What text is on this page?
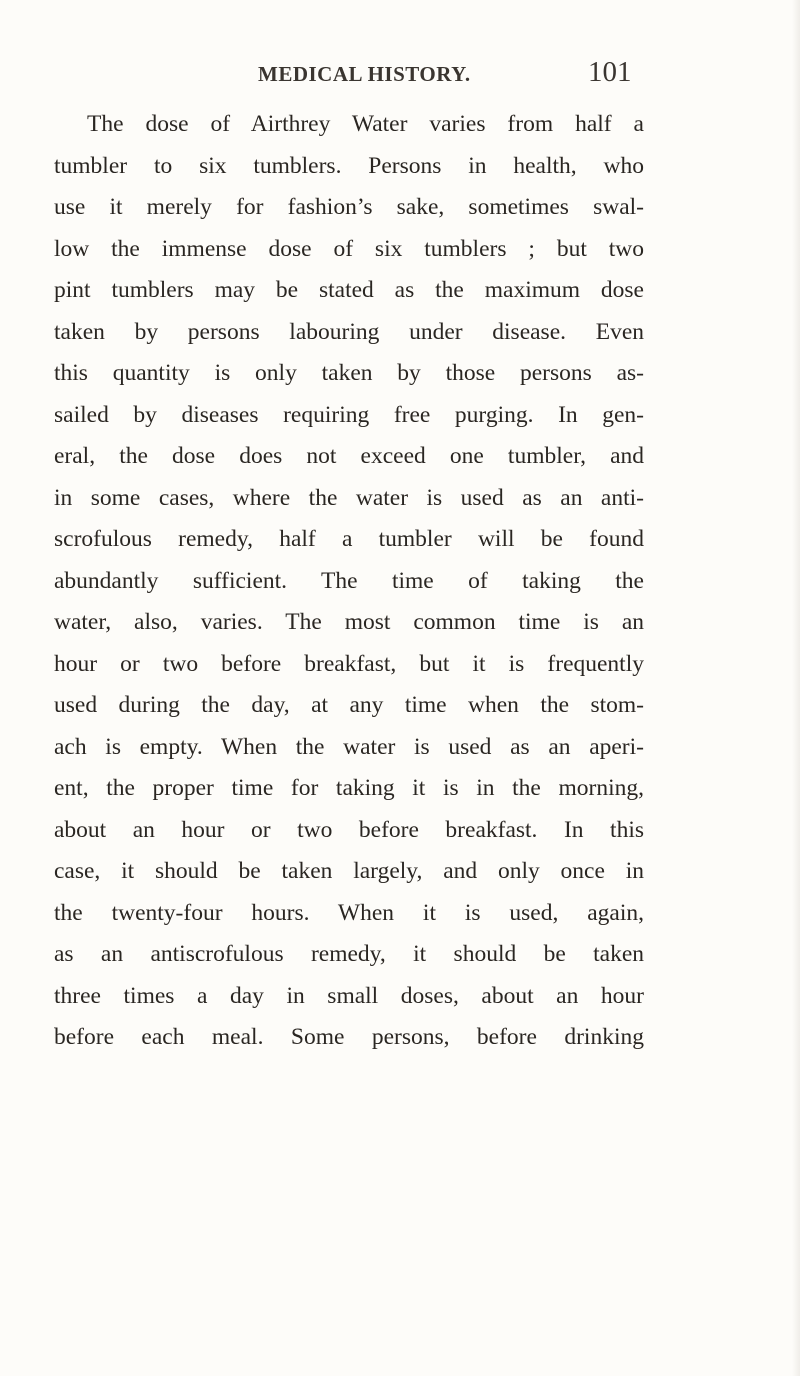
MEDICAL HISTORY.	101
The dose of Airthrey Water varies from half a
tumbler to six tumblers. Persons in health, who
use it merely for fashion’s sake, sometimes swal-
low the immense dose of six tumblers ; but two
pint tumblers may be stated as the maximum dose
taken by persons labouring under disease. Even
this quantity is only taken by those persons as-
sailed by diseases requiring free purging. In gen-
eral, the dose does not exceed one tumbler, and
in some cases, where the water is used as an anti-
scrofulous remedy, half a tumbler will be found
abundantly sufficient. The time of taking the
water, also, varies. The most common time is an
hour or two before breakfast, but it is frequently
used during the day, at any time when the stom-
ach is empty. When the water is used as an aperi-
ent, the proper time for taking it is in the morning,
about an hour or two before breakfast. In this
case, it should be taken largely, and only once in
the twenty-four hours. When it is used, again,
as an antiscrofulous remedy, it should be taken
three times a day in small doses, about an hour
before each meal. Some persons, before drinking
